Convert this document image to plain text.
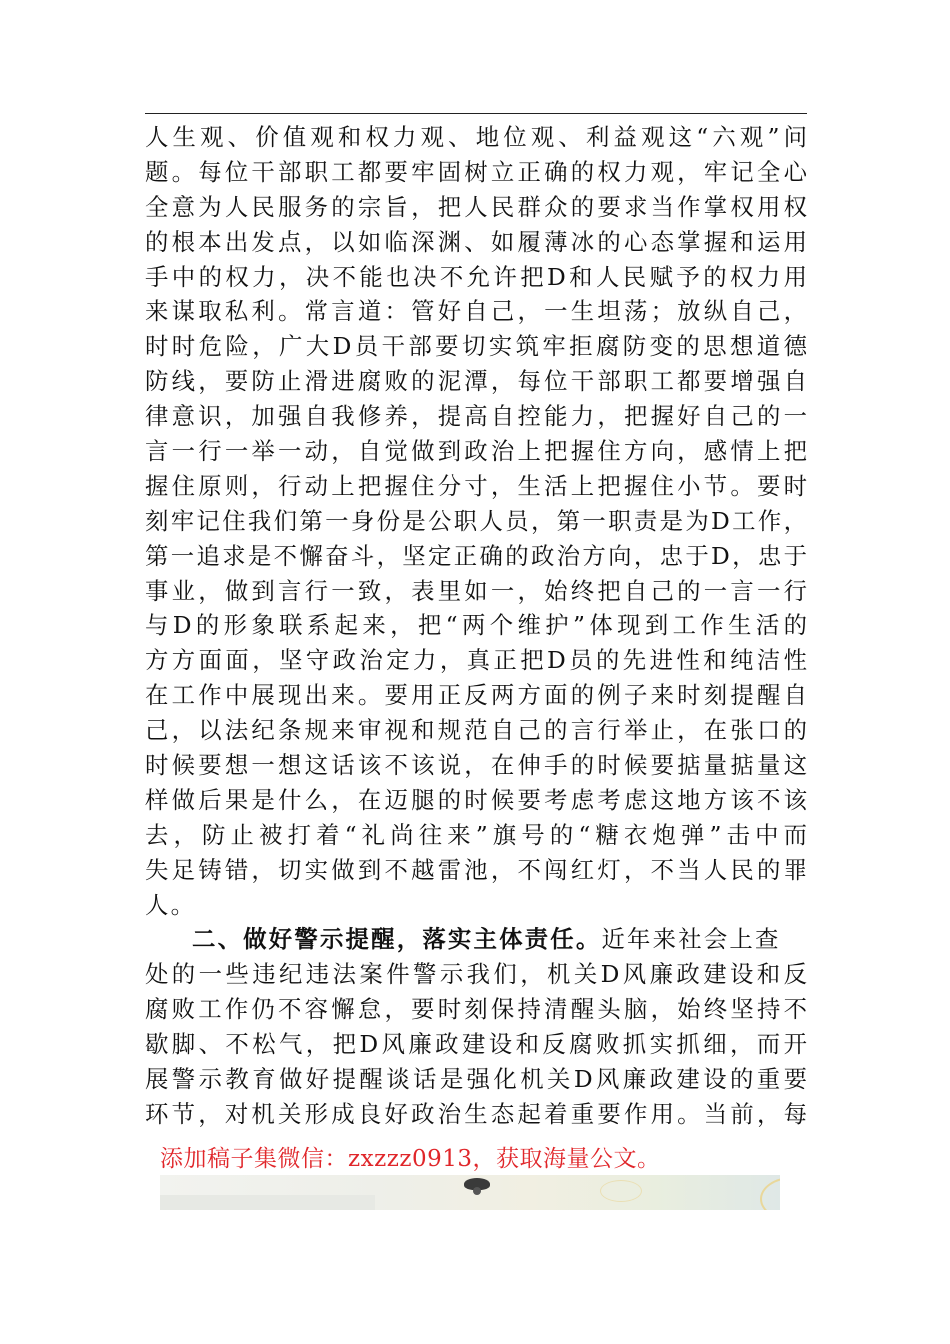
人生观、价值观和权力观、地位观、利益观这“六观”问
题。每位干部职工都要牢固树立正确的权力观，牢记全心
全意为人民服务的宗旨，把人民群众的要求当作掌权用权
的根本出发点，以如临深渊、如履薄冰的心态掌握和运用
手中的权力，决不能也决不允许把D和人民赋予的权力用
来谋取私利。常言道：管好自己，一生坦荡；放纵自己，
时时危险，广大D员干部要切实筑牢拒腐防变的思想道德
防线，要防止滑进腐败的泥潭，每位干部职工都要增强自
律意识，加强自我修养，提高自控能力，把握好自己的一
言一行一举一动，自觉做到政治上把握住方向，感情上把
握住原则，行动上把握住分寸，生活上把握住小节。要时
刻牢记住我们第一身份是公职人员，第一职责是为D工作，
第一追求是不懈奋斗，坚定正确的政治方向，忠于D，忠于
事业，做到言行一致，表里如一，始终把自己的一言一行
与D的形象联系起来，把“两个维护”体现到工作生活的
方方面面，坚守政治定力，真正把D员的先进性和纯洁性
在工作中展现出来。要用正反两方面的例子来时刻提醒自
己，以法纪条规来审视和规范自己的言行举止，在张口的
时候要想一想这话该不该说，在伸手的时候要掂量掂量这
样做后果是什么，在迈腿的时候要考虑考虑这地方该不该
去，防止被打着“礼尚往来”旗号的“糖衣炮弹”击中而
失足铸错，切实做到不越雷池，不闯红灯，不当人民的罪
人。
二、做好警示提醒，落实主体责任。近年来社会上查
处的一些违纪违法案件警示我们，机关D风廉政建设和反
腐败工作仍不容懈怠，要时刻保持清醒头脑，始终坚持不
歇脚、不松气，把D风廉政建设和反腐败抓实抓细，而开
展警示教育做好提醒谈话是强化机关D风廉政建设的重要
环节，对机关形成良好政治生态起着重要作用。当前，每
添加稿子集微信：zxzzz0913，获取海量公文。
